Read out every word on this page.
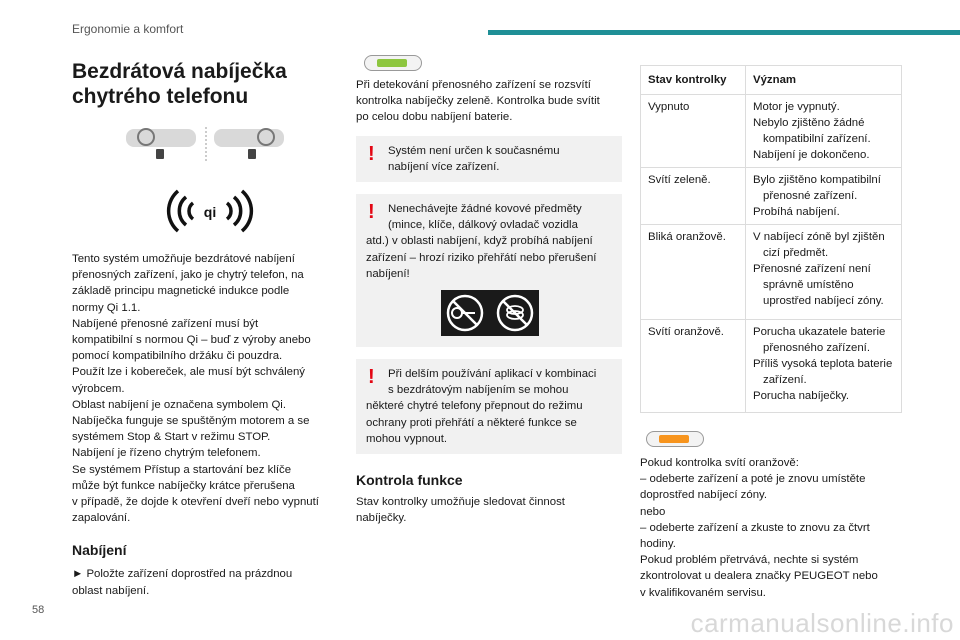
Ergonomie a komfort
Bezdrátová nabíječka
chytrého telefonu
qi

Tento systém umožňuje bezdrátové nabíjení

přenosných zařízení, jako je chytrý telefon, na

základě principu magnetické indukce podle

normy Qi 1.1.

Nabíjené přenosné zařízení musí být

kompatibilní s normou Qi – buď z výroby anebo

pomocí kompatibilního držáku či pouzdra.

Použít lze i kobereček, ale musí být schválený

výrobcem.

Oblast nabíjení je označena symbolem Qi.

Nabíječka funguje se spuštěným motorem a se

systémem Stop & Start v režimu STOP.

Nabíjení je řízeno chytrým telefonem.

Se systémem Přístup a startování bez klíče

může být funkce nabíječky krátce přerušena

v případě, že dojde k otevření dveří nebo vypnutí

zapalování.

Nabíjení

► Položte zařízení doprostřed na prázdnou

oblast nabíjení.

Při detekování přenosného zařízení se rozsvítí

kontrolka nabíječky zeleně. Kontrolka bude svítit

po celou dobu nabíjení baterie.

!	Systém není určen k současnému

nabíjení více zařízení.

!	Nenechávejte žádné kovové předměty

(mince, klíče, dálkový ovladač vozidla

atd.) v oblasti nabíjení, když probíhá nabíjení

zařízení – hrozí riziko přehřátí nebo přerušení

nabíjení!

!	Při delším používání aplikací v kombinaci

s bezdrátovým nabíjením se mohou

některé chytré telefony přepnout do režimu

ochrany proti přehřátí a některé funkce se

mohou vypnout.

Kontrola funkce

Stav kontrolky umožňuje sledovat činnost

nabíječky.

Stav kontrolky	Význam
Vypnuto	Motor je vypnutý.
Nebylo zjištěno žádné kompatibilní zařízení.
Nabíjení je dokončeno.

Svítí zeleně.	Bylo zjištěno kompatibilní přenosné zařízení.
Probíhá nabíjení.

Bliká oranžově.	V nabíjecí zóně byl zjištěn cizí předmět.
Přenosné zařízení není správně umístěno uprostřed nabíjecí zóny.

Svítí oranžově.	Porucha ukazatele baterie přenosného zařízení.
Příliš vysoká teplota baterie zařízení.
Porucha nabíječky.

Pokud kontrolka svítí oranžově:

– odeberte zařízení a poté je znovu umístěte

doprostřed nabíjecí zóny.

nebo

– odeberte zařízení a zkuste to znovu za čtvrt

hodiny.

Pokud problém přetrvává, nechte si systém

zkontrolovat u dealera značky PEUGEOT nebo

v kvalifikovaném servisu.

58	carmanualsonline.info
